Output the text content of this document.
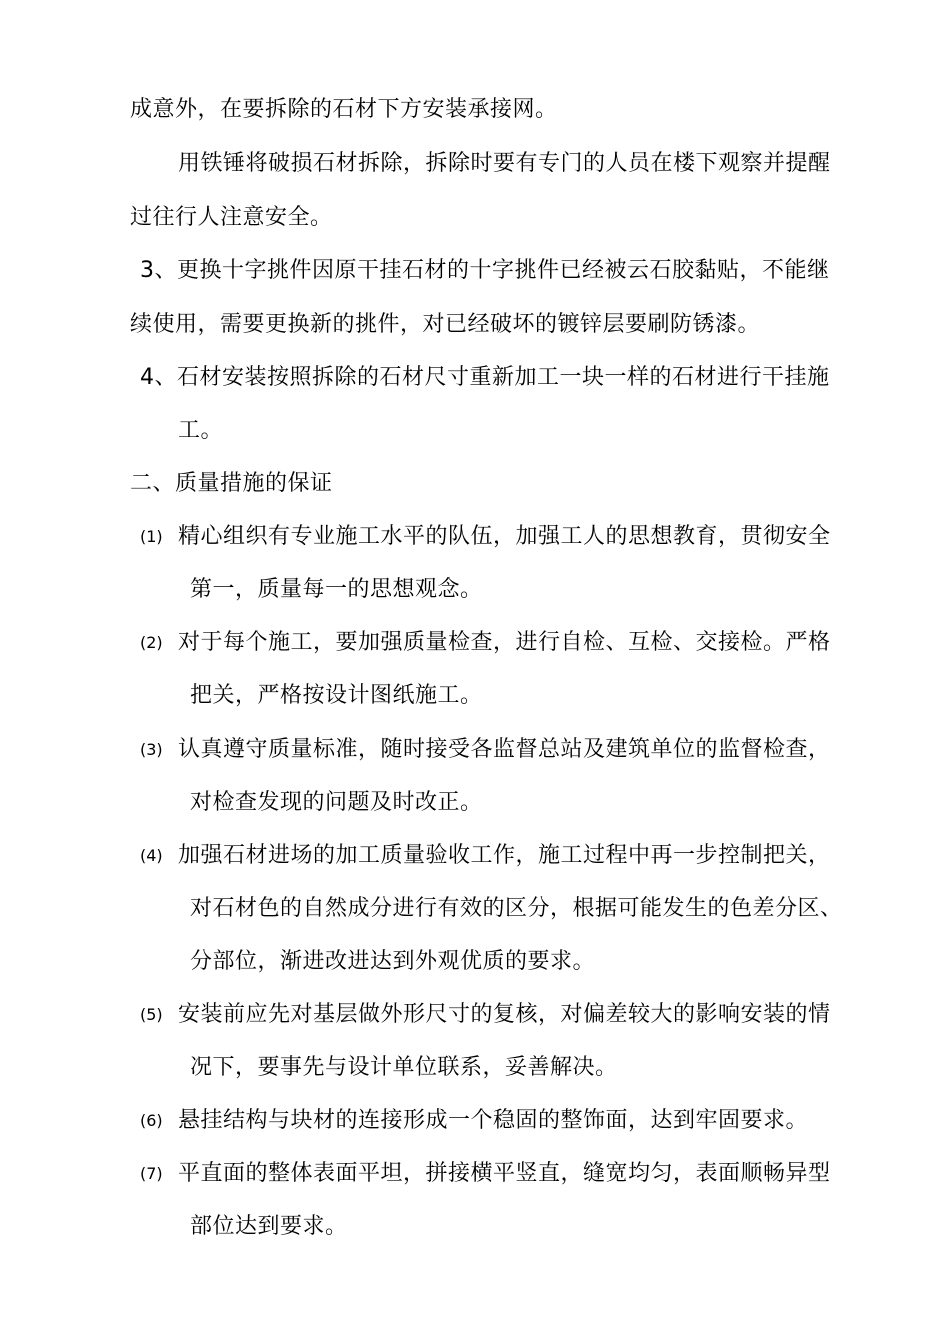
成意外，在要拆除的石材下方安装承接网。
用铁锤将破损石材拆除，拆除时要有专门的人员在楼下观察并提醒
过往行人注意安全。
3、更换十字挑件因原干挂石材的十字挑件已经被云石胶黏贴，不能继
续使用，需要更换新的挑件，对已经破坏的镀锌层要刷防锈漆。
4、石材安装按照拆除的石材尺寸重新加工一块一样的石材进行干挂施
工。
二、质量措施的保证
(1) 精心组织有专业施工水平的队伍，加强工人的思想教育，贯彻安全
第一，质量每一的思想观念。
(2) 对于每个施工，要加强质量检查，进行自检、互检、交接检。严格
把关，严格按设计图纸施工。
(3) 认真遵守质量标准，随时接受各监督总站及建筑单位的监督检查，
对检查发现的问题及时改正。
(4) 加强石材进场的加工质量验收工作，施工过程中再一步控制把关，
对石材色的自然成分进行有效的区分，根据可能发生的色差分区、
分部位，渐进改进达到外观优质的要求。
(5) 安装前应先对基层做外形尺寸的复核，对偏差较大的影响安装的情
况下，要事先与设计单位联系，妥善解决。
(6) 悬挂结构与块材的连接形成一个稳固的整饰面，达到牢固要求。
(7) 平直面的整体表面平坦，拼接横平竖直，缝宽均匀，表面顺畅异型
部位达到要求。
